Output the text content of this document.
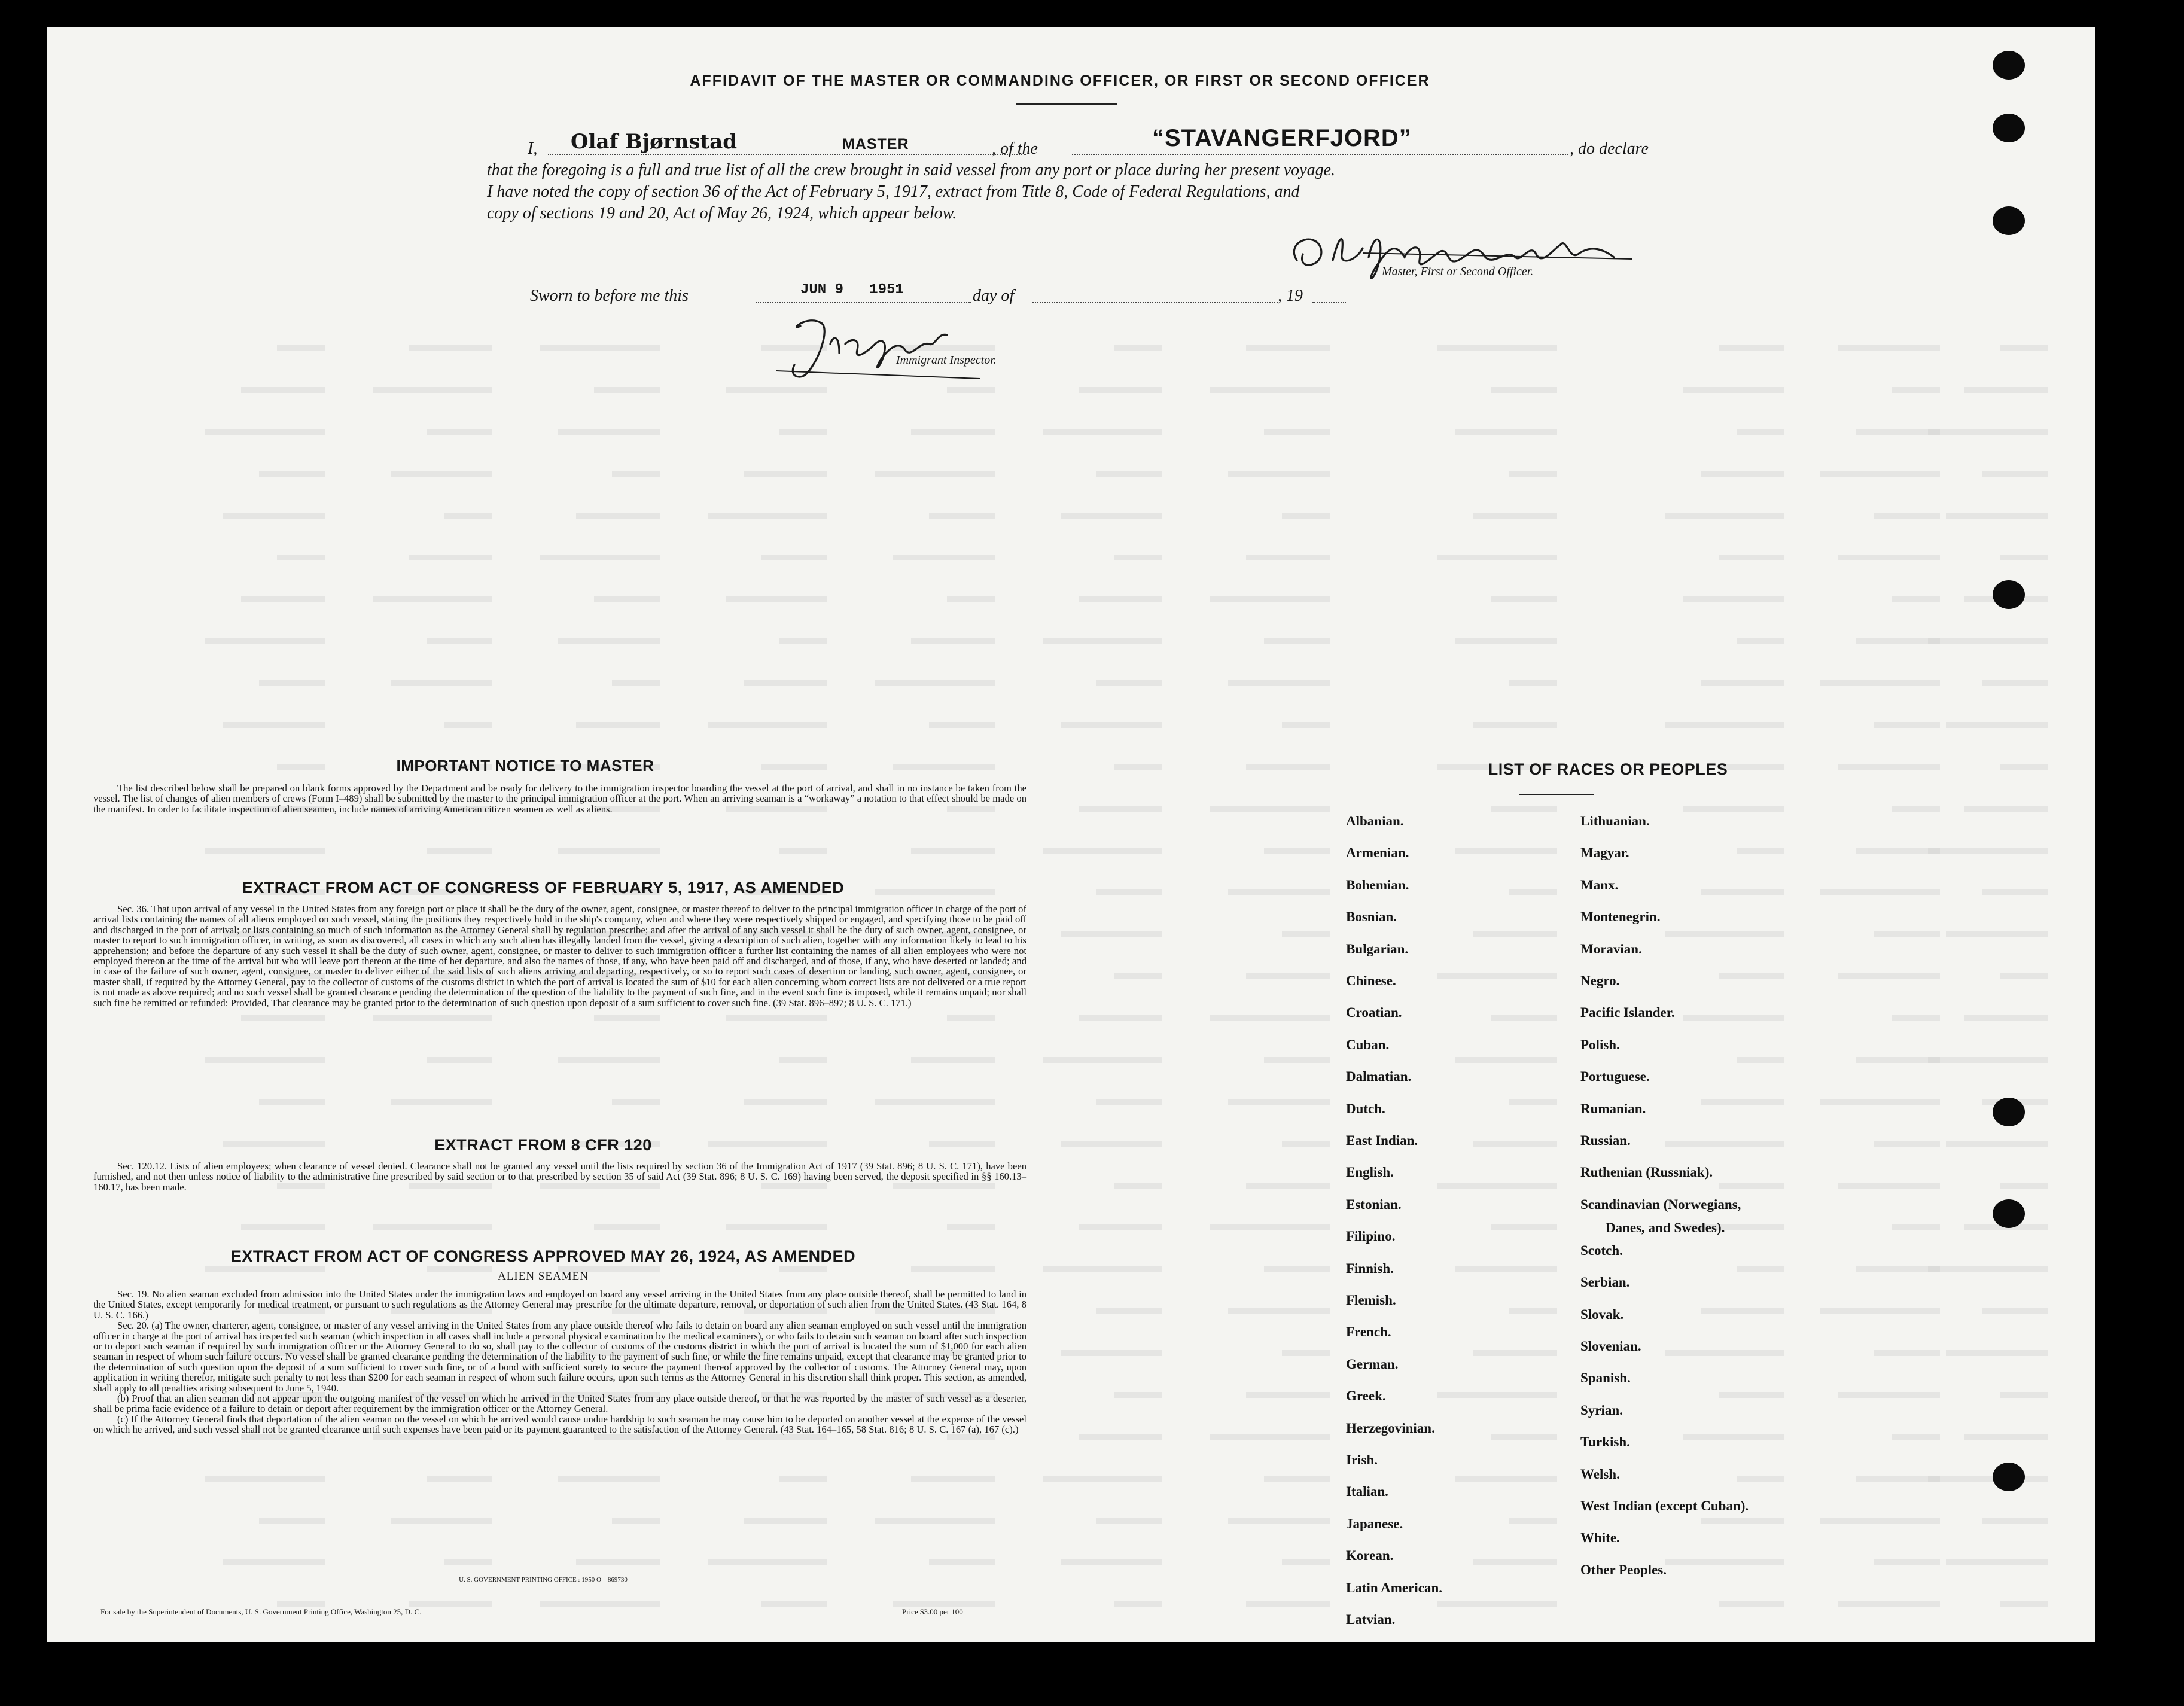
AFFIDAVIT OF THE MASTER OR COMMANDING OFFICER, OR FIRST OR SECOND OFFICER
I, Olaf Bjørnstad	MASTER	, of the	“STAVANGERFJORD”	, do declare
that the foregoing is a full and true list of all the crew brought in said vessel from any port or place during her present voyage.
I have noted the copy of section 36 of the Act of February 5, 1917, extract from Title 8, Code of Federal Regulations, and
copy of sections 19 and 20, Act of May 26, 1924, which appear below.
Master, First or Second Officer.
Sworn to before me this	JUN 9   1951	day of	, 19
Immigrant Inspector.
IMPORTANT NOTICE TO MASTER

The list described below shall be prepared on blank forms approved by the Department and be ready for delivery to the immigration inspector boarding the vessel at the port of arrival, and shall in no instance be taken from the vessel. The list of changes of alien members of crews (Form I–489) shall be submitted by the master to the principal immigration officer at the port. When an arriving seaman is a “workaway” a notation to that effect should be made on the manifest. In order to facilitate inspection of alien seamen, include names of arriving American citizen seamen as well as aliens.

EXTRACT FROM ACT OF CONGRESS OF FEBRUARY 5, 1917, AS AMENDED

Sec. 36. That upon arrival of any vessel in the United States from any foreign port or place it shall be the duty of the owner, agent, consignee, or master thereof to deliver to the principal immigration officer in charge of the port of arrival lists containing the names of all aliens employed on such vessel, stating the positions they respectively hold in the ship's company, when and where they were respectively shipped or engaged, and specifying those to be paid off and discharged in the port of arrival; or lists containing so much of such information as the Attorney General shall by regulation prescribe; and after the arrival of any such vessel it shall be the duty of such owner, agent, consignee, or master to report to such immigration officer, in writing, as soon as discovered, all cases in which any such alien has illegally landed from the vessel, giving a description of such alien, together with any information likely to lead to his apprehension; and before the departure of any such vessel it shall be the duty of such owner, agent, consignee, or master to deliver to such immigration officer a further list containing the names of all alien employees who were not employed thereon at the time of the arrival but who will leave port thereon at the time of her departure, and also the names of those, if any, who have been paid off and discharged, and of those, if any, who have deserted or landed; and in case of the failure of such owner, agent, consignee, or master to deliver either of the said lists of such aliens arriving and departing, respectively, or so to report such cases of desertion or landing, such owner, agent, consignee, or master shall, if required by the Attorney General, pay to the collector of customs of the customs district in which the port of arrival is located the sum of $10 for each alien concerning whom correct lists are not delivered or a true report is not made as above required; and no such vessel shall be granted clearance pending the determination of the question of the liability to the payment of such fine, and in the event such fine is imposed, while it remains unpaid; nor shall such fine be remitted or refunded: Provided, That clearance may be granted prior to the determination of such question upon deposit of a sum sufficient to cover such fine. (39 Stat. 896–897; 8 U. S. C. 171.)

EXTRACT FROM 8 CFR 120

Sec. 120.12. Lists of alien employees; when clearance of vessel denied. Clearance shall not be granted any vessel until the lists required by section 36 of the Immigration Act of 1917 (39 Stat. 896; 8 U. S. C. 171), have been furnished, and not then unless notice of liability to the administrative fine prescribed by said section or to that prescribed by section 35 of said Act (39 Stat. 896; 8 U. S. C. 169) having been served, the deposit specified in §§ 160.13–160.17, has been made.

EXTRACT FROM ACT OF CONGRESS APPROVED MAY 26, 1924, AS AMENDED
ALIEN SEAMEN

Sec. 19. No alien seaman excluded from admission into the United States under the immigration laws and employed on board any vessel arriving in the United States from any place outside thereof, shall be permitted to land in the United States, except temporarily for medical treatment, or pursuant to such regulations as the Attorney General may prescribe for the ultimate departure, removal, or deportation of such alien from the United States. (43 Stat. 164, 8 U. S. C. 166.)

Sec. 20. (a) The owner, charterer, agent, consignee, or master of any vessel arriving in the United States from any place outside thereof who fails to detain on board any alien seaman employed on such vessel until the immigration officer in charge at the port of arrival has inspected such seaman (which inspection in all cases shall include a personal physical examination by the medical examiners), or who fails to detain such seaman on board after such inspection or to deport such seaman if required by such immigration officer or the Attorney General to do so, shall pay to the collector of customs of the customs district in which the port of arrival is located the sum of $1,000 for each alien seaman in respect of whom such failure occurs. No vessel shall be granted clearance pending the determination of the liability to the payment of such fine, or while the fine remains unpaid, except that clearance may be granted prior to the determination of such question upon the deposit of a sum sufficient to cover such fine, or of a bond with sufficient surety to secure the payment thereof approved by the collector of customs. The Attorney General may, upon application in writing therefor, mitigate such penalty to not less than $200 for each seaman in respect of whom such failure occurs, upon such terms as the Attorney General in his discretion shall think proper. This section, as amended, shall apply to all penalties arising subsequent to June 5, 1940.

(b) Proof that an alien seaman did not appear upon the outgoing manifest of the vessel on which he arrived in the United States from any place outside thereof, or that he was reported by the master of such vessel as a deserter, shall be prima facie evidence of a failure to detain or deport after requirement by the immigration officer or the Attorney General.

(c) If the Attorney General finds that deportation of the alien seaman on the vessel on which he arrived would cause undue hardship to such seaman he may cause him to be deported on another vessel at the expense of the vessel on which he arrived, and such vessel shall not be granted clearance until such expenses have been paid or its payment guaranteed to the satisfaction of the Attorney General. (43 Stat. 164–165, 58 Stat. 816; 8 U. S. C. 167 (a), 167 (c).)

U. S. GOVERNMENT PRINTING OFFICE : 1950 O – 869730
For sale by the Superintendent of Documents, U. S. Government Printing Office, Washington 25, D. C.	Price $3.00 per 100
LIST OF RACES OR PEOPLES
Albanian.
Armenian.
Bohemian.
Bosnian.
Bulgarian.
Chinese.
Croatian.
Cuban.
Dalmatian.
Dutch.
East Indian.
English.
Estonian.
Filipino.
Finnish.
Flemish.
French.
German.
Greek.
Herzegovinian.
Irish.
Italian.
Japanese.
Korean.
Latin American.
Latvian.
Lithuanian.
Magyar.
Manx.
Montenegrin.
Moravian.
Negro.
Pacific Islander.
Polish.
Portuguese.
Rumanian.
Russian.
Ruthenian (Russniak).
Scandinavian (Norwegians,
Danes, and Swedes).
Scotch.
Serbian.
Slovak.
Slovenian.
Spanish.
Syrian.
Turkish.
Welsh.
West Indian (except Cuban).
White.
Other Peoples.
